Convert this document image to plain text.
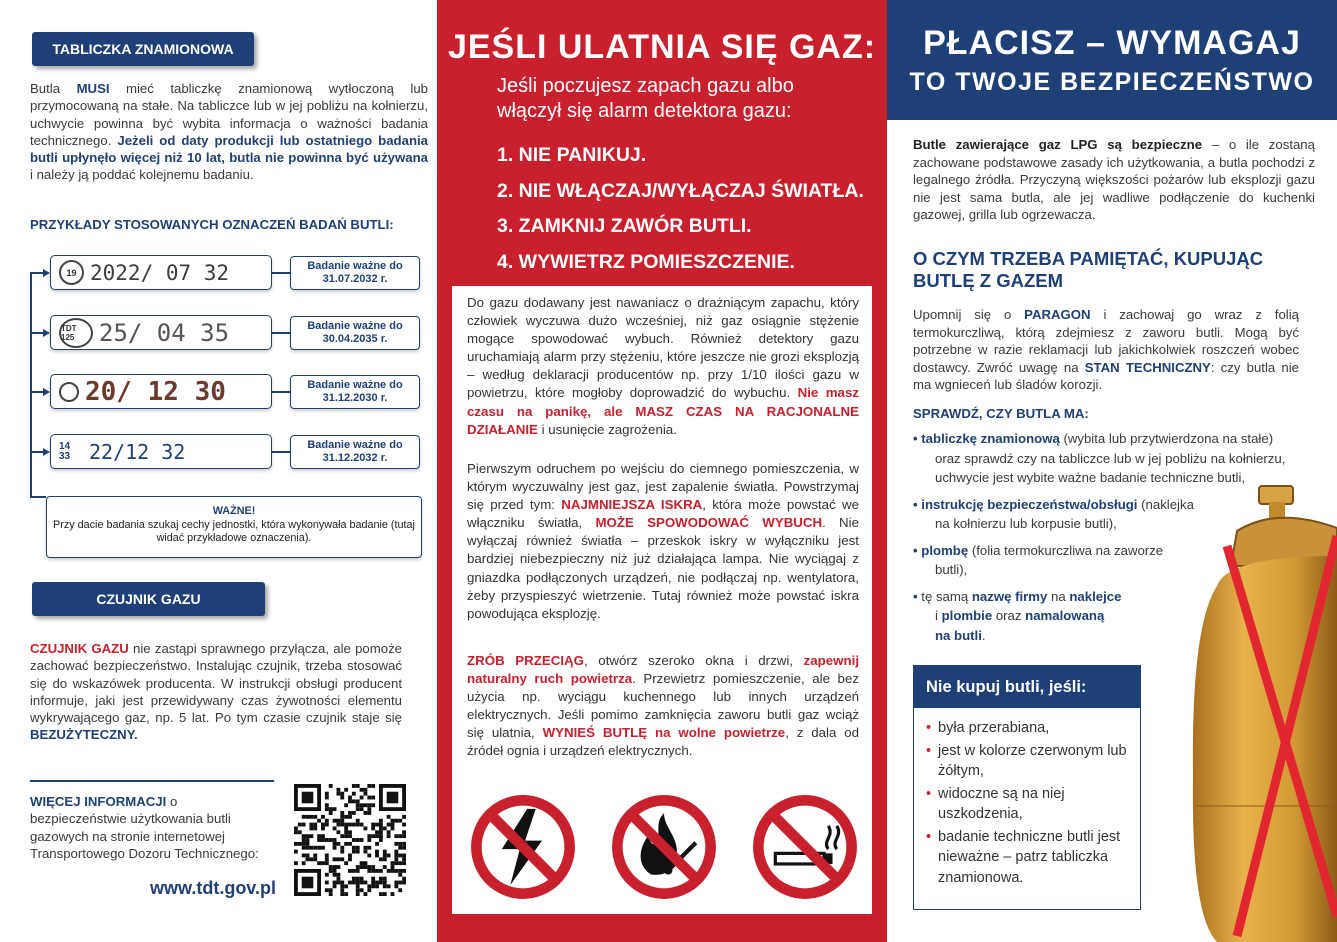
TABLICZKA ZNAMIONOWA

Butla MUSI mieć tabliczkę znamionową wytłoczoną lub przymocowaną na stałe. Na tabliczce lub w jej pobliżu na kołnierzu, uchwycie powinna być wybita informacja o ważności badania technicznego. Jeżeli od daty produkcji lub ostatniego badania butli upłynęło więcej niż 10 lat, butla nie powinna być używana i należy ją poddać kolejnemu badaniu.

PRZYKŁADY STOSOWANYCH OZNACZEŃ BADAŃ BUTLI:
19 2022/ 07 32	Badanie ważne do
31.07.2032 r.
TDT 125	25/ 04 35	Badanie ważne do
30.04.2035 r.
20/ 12 30	Badanie ważne do
31.12.2030 r.
14 33 22/12 32	Badanie ważne do
31.12.2032 r.
WAŻNE!
Przy dacie badania szukaj cechy jednostki, która wykonywała badanie (tutaj widać przykładowe oznaczenia).
CZUJNIK GAZU

CZUJNIK GAZU nie zastąpi sprawnego przyłącza, ale pomoże zachować bezpieczeństwo. Instalując czujnik, trzeba stosować się do wskazówek producenta. W instrukcji obsługi producent informuje, jaki jest przewidywany czas żywotności elementu wykrywającego gaz, np. 5 lat. Po tym czasie czujnik staje się BEZUŻYTECZNY.

WIĘCEJ INFORMACJI o bezpieczeństwie użytkowania butli gazowych na stronie internetowej Transportowego Dozoru Technicznego:

www.tdt.gov.pl
JEŚLI ULATNIA SIĘ GAZ:
Jeśli poczujesz zapach gazu albo włączył się alarm detektora gazu:
1. NIE PANIKUJ.
2. NIE WŁĄCZAJ/WYŁĄCZAJ ŚWIATŁA.
3. ZAMKNIJ ZAWÓR BUTLI.
4. WYWIETRZ POMIESZCZENIE.

Do gazu dodawany jest nawaniacz o drażniącym zapachu, który człowiek wyczuwa dużo wcześniej, niż gaz osiągnie stężenie mogące spowodować wybuch. Również detektory gazu uruchamiają alarm przy stężeniu, które jeszcze nie grozi eksplozją – według deklaracji producentów np. przy 1/10 ilości gazu w powietrzu, które mogłoby doprowadzić do wybuchu. Nie masz czasu na panikę, ale MASZ CZAS NA RACJONALNE DZIAŁANIE i usunięcie zagrożenia.

Pierwszym odruchem po wejściu do ciemnego pomieszczenia, w którym wyczuwalny jest gaz, jest zapalenie światła. Powstrzymaj się przed tym: NAJMNIEJSZA ISKRA, która może powstać we włączniku światła, MOŻE SPOWODOWAĆ WYBUCH. Nie wyłączaj również światła – przeskok iskry w wyłączniku jest bardziej niebezpieczny niż już działająca lampa. Nie wyciągaj z gniazdka podłączonych urządzeń, nie podłączaj np. wentylatora, żeby przyspieszyć wietrzenie. Tutaj również może powstać iskra powodująca eksplozję.

ZRÓB PRZECIĄG, otwórz szeroko okna i drzwi, zapewnij naturalny ruch powietrza. Przewietrz pomieszczenie, ale bez użycia np. wyciągu kuchennego lub innych urządzeń elektrycznych. Jeśli pomimo zamknięcia zaworu butli gaz wciąż się ulatnia, WYNIEŚ BUTLĘ na wolne powietrze, z dala od źródeł ognia i urządzeń elektrycznych.

PŁACISZ – WYMAGAJ
TO TWOJE BEZPIECZEŃSTWO

Butle zawierające gaz LPG są bezpieczne – o ile zostaną zachowane podstawowe zasady ich użytkowania, a butla pochodzi z legalnego źródła. Przyczyną większości pożarów lub eksplozji gazu nie jest sama butla, ale jej wadliwe podłączenie do kuchenki gazowej, grilla lub ogrzewacza.

O CZYM TRZEBA PAMIĘTAĆ, KUPUJĄC BUTLĘ Z GAZEM

Upomnij się o PARAGON i zachowaj go wraz z folią termokurczliwą, którą zdejmiesz z zaworu butli. Mogą być potrzebne w razie reklamacji lub jakichkolwiek roszczeń wobec dostawcy. Zwróć uwagę na STAN TECHNICZNY: czy butla nie ma wgnieceń lub śladów korozji.

SPRAWDŹ, CZY BUTLA MA:
• tabliczkę znamionową (wybita lub przytwierdzona na stałe)
oraz sprawdź czy na tabliczce lub w jej pobliżu na kołnierzu, uchwycie jest wybite ważne badanie techniczne butli,
• instrukcję bezpieczeństwa/obsługi (naklejka
na kołnierzu lub korpusie butli),
• plombę (folia termokurczliwa na zaworze
butli),
• tę samą nazwę firmy na naklejce
i plombie oraz namalowaną
na butli.
Nie kupuj butli, jeśli:
• była przerabiana,
• jest w kolorze czerwonym lub żółtym,
• widoczne są na niej uszkodzenia,
• badanie techniczne butli jest nieważne – patrz tabliczka znamionowa.
